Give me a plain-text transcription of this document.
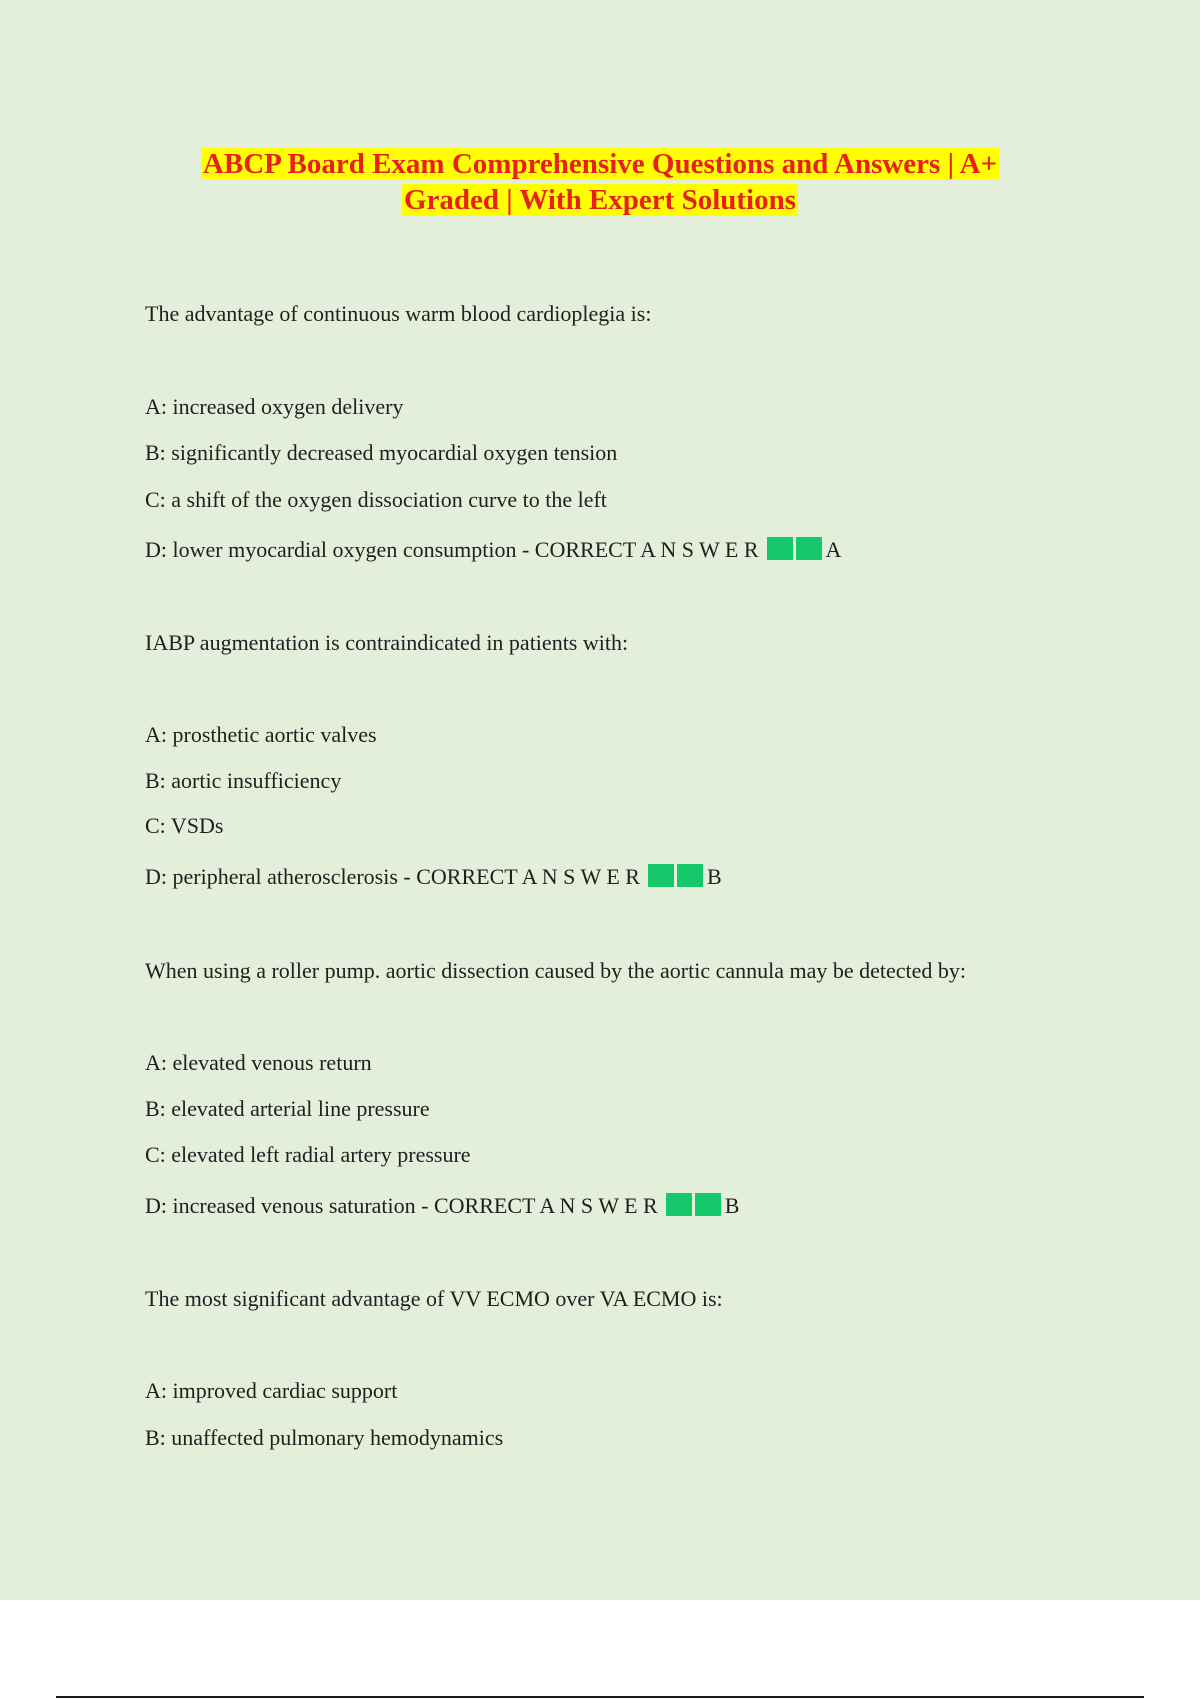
ABCP Board Exam Comprehensive Questions and Answers | A+
Graded | With Expert Solutions
The advantage of continuous warm blood cardioplegia is:
A: increased oxygen delivery
B: significantly decreased myocardial oxygen tension
C: a shift of the oxygen dissociation curve to the left
D: lower myocardial oxygen consumption - CORRECT A N S W E R	A
IABP augmentation is contraindicated in patients with:
A: prosthetic aortic valves
B: aortic insufficiency
C: VSDs
D: peripheral atherosclerosis - CORRECT A N S W E R	B
When using a roller pump. aortic dissection caused by the aortic cannula may be detected by:
A: elevated venous return
B: elevated arterial line pressure
C: elevated left radial artery pressure
D: increased venous saturation - CORRECT A N S W E R	B
The most significant advantage of VV ECMO over VA ECMO is:
A: improved cardiac support
B: unaffected pulmonary hemodynamics
